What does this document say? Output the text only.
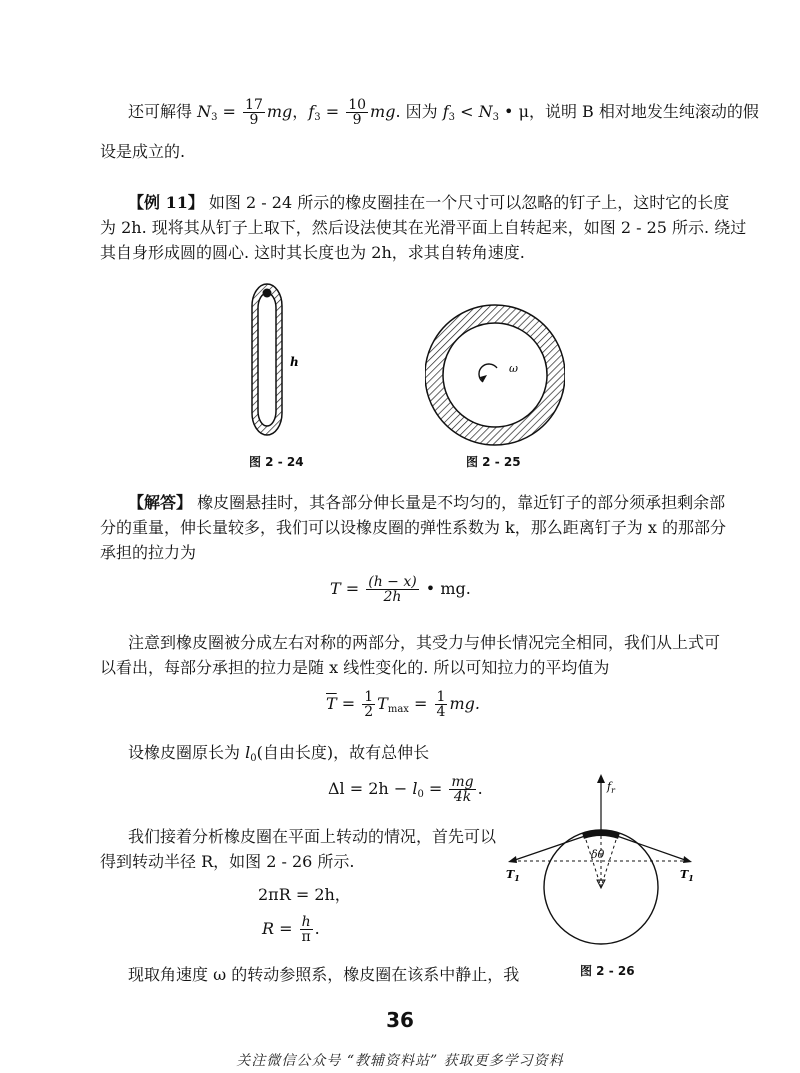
还可解得 $N_3 = \frac{17}{9}$ mg，$f_3 = \frac{10}{9}$ mg. 因为 $f_3 < N_3$ • μ，说明 B 相对地发生纯滚动的假
设是成立的.
【例 11】 如图 2 - 24 所示的橡皮圈挂在一个尺寸可以忽略的钉子上，这时它的长度
为 2h. 现将其从钉子上取下，然后设法使其在光滑平面上自转起来，如图 2 - 25 所示. 绕过
其自身形成圆的圆心. 这时其长度也为 2h，求其自转角速度.
h
图 2 - 24
ω
图 2 - 25
【解答】 橡皮圈悬挂时，其各部分伸长量是不均匀的，靠近钉子的部分须承担剩余部
分的重量，伸长量较多，我们可以设橡皮圈的弹性系数为 k，那么距离钉子为 x 的那部分
承担的拉力为
$T = \frac{(h - x)}{2h}$ • mg.
注意到橡皮圈被分成左右对称的两部分，其受力与伸长情况完全相同，我们从上式可
以看出，每部分承担的拉力是随 x 线性变化的. 所以可知拉力的平均值为
$\overline{T} = \frac{1}{2} T_{max} = \frac{1}{4}$ mg.
设橡皮圈原长为 $l_0$(自由长度)，故有总伸长
$\Delta l = 2h - l_0 = \frac{mg}{4k}$ .
我们接着分析橡皮圈在平面上转动的情况，首先可以
得到转动半径 R，如图 2 - 26 所示.
2πR = 2h，
$R = \frac{h}{\pi}$ .
现取角速度 ω 的转动参照系，橡皮圈在该系中静止，我
$f_r$
δθ
$T_1$	$T_1$
图 2 - 26
36
关注微信公众号 “教辅资料站” 获取更多学习资料
